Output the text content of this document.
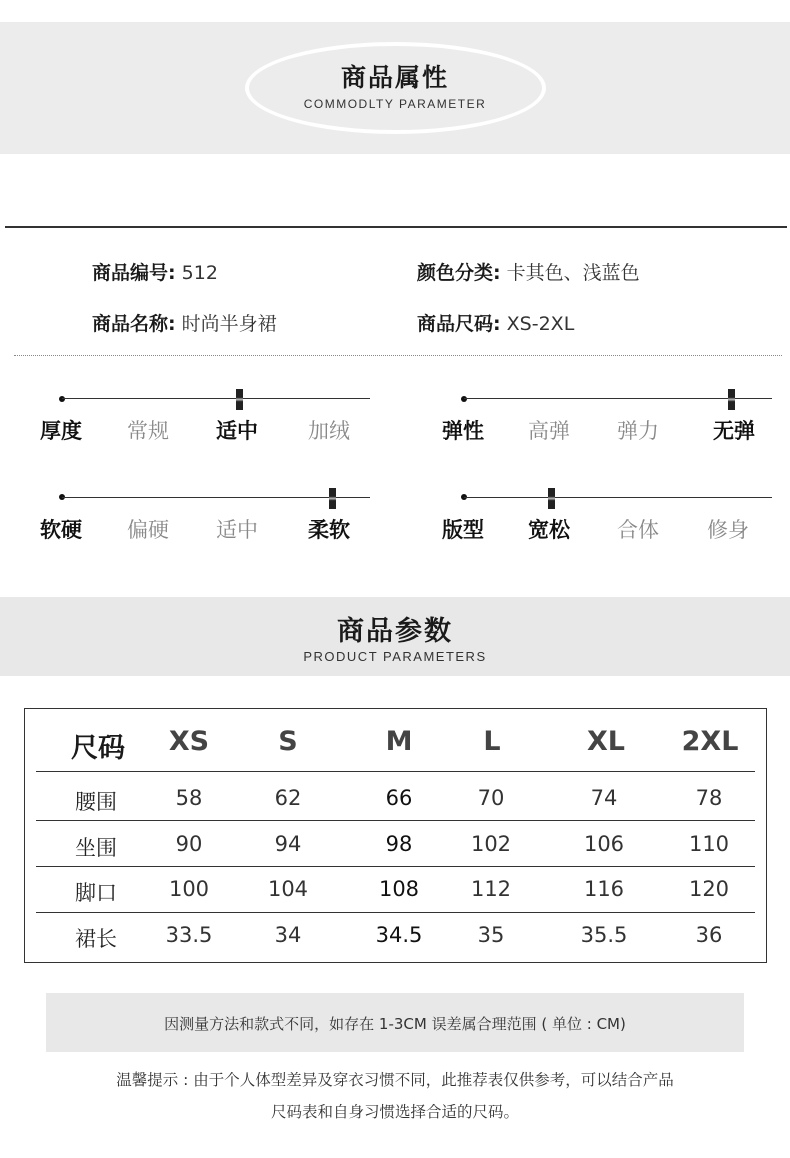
商品属性
COMMODLTY PARAMETER
商品编号: 512
商品名称: 时尚半身裙
颜色分类: 卡其色、浅蓝色
商品尺码: XS-2XL
厚度	常规	适中	加绒	弹性	高弹	弹力	无弹
软硬	偏硬	适中	柔软	版型	宽松	合体	修身
商品参数
PRODUCT PARAMETERS
尺码	XS	S	M	L	XL	2XL
腰围	58	62	66	70	74	78
坐围	90	94	98	102	106	110
脚口	100	104	108	112	116	120
裙长	33.5	34	34.5	35	35.5	36
因测量方法和款式不同，如存在 1-3CM 误差属合理范围 ( 单位 : CM)
温馨提示 : 由于个人体型差异及穿衣习惯不同，此推荐表仅供参考，可以结合产品
尺码表和自身习惯选择合适的尺码。
